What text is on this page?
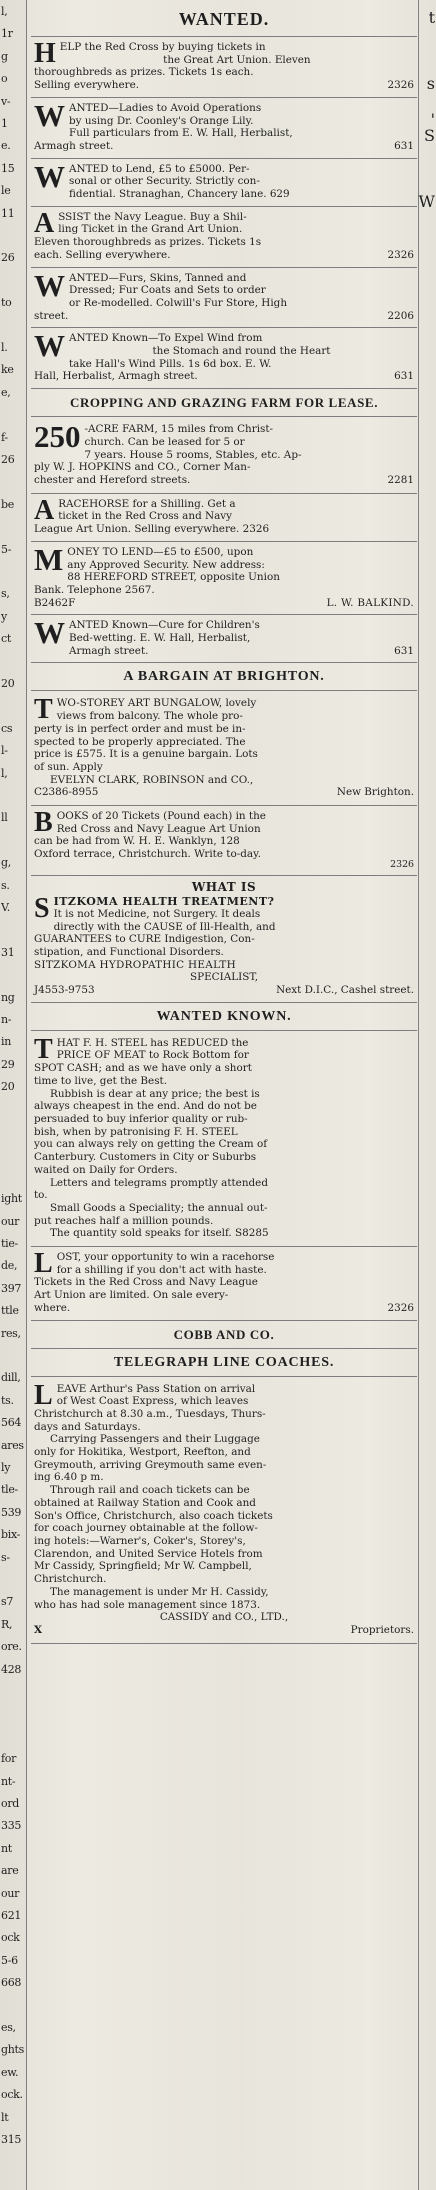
l,
1r
g
o
v-
1
e.
15
le
11
26
to
l.
ke
e,
f-
26
be
5-
s,
y
ct
20
cs
l-
l,
ll
g,
s.
V.
31
ng
n-
in
29
20
ight
our
tie-
de,
397
ttle
res,
dill,
ts.
564
ares
ly
tle-
539
bix-
s-
s7
R,
ore.
428
for
nt-
ord
335
nt
are
our
621
ock
5-6
668
es,
ghts
ew.
ock.
lt
315
WANTED.
H ELP the Red Cross by buying tickets in

the Great Art Union. Eleven

thoroughbreds as prizes. Tickets 1s each.

Selling everywhere.	2326
W ANTED—Ladies to Avoid Operations

by using Dr. Coonley's Orange Lily.

Full particulars from E. W. Hall, Herbalist,

Armagh street.	631
W ANTED to Lend, £5 to £5000. Per-

sonal or other Security. Strictly con-

fidential. Stranaghan, Chancery lane. 629

A SSIST the Navy League. Buy a Shil-

ling Ticket in the Grand Art Union.

Eleven thoroughbreds as prizes. Tickets 1s

each. Selling everywhere.	2326
W ANTED—Furs, Skins, Tanned and

Dressed; Fur Coats and Sets to order

or Re-modelled. Colwill's Fur Store, High

street.	2206
W ANTED Known—To Expel Wind from

the Stomach and round the Heart

take Hall's Wind Pills. 1s 6d box. E. W.

Hall, Herbalist, Armagh street.	631
CROPPING AND GRAZING FARM FOR LEASE.
250 -ACRE FARM, 15 miles from Christ-

church. Can be leased for 5 or

7 years. House 5 rooms, Stables, etc. Ap-

ply W. J. HOPKINS and CO., Corner Man-

chester and Hereford streets.	2281
A RACEHORSE for a Shilling. Get a

ticket in the Red Cross and Navy

League Art Union. Selling everywhere. 2326

M ONEY TO LEND—£5 to £500, upon

any Approved Security. New address:

88 HEREFORD STREET, opposite Union

Bank. Telephone 2567.

B2462F	L. W. BALKIND.
W ANTED Known—Cure for Children's

Bed-wetting. E. W. Hall, Herbalist,

Armagh street.	631
A BARGAIN AT BRIGHTON.
T WO-STOREY ART BUNGALOW, lovely

views from balcony. The whole pro-

perty is in perfect order and must be in-

spected to be properly appreciated. The

price is £575. It is a genuine bargain. Lots

of sun. Apply

EVELYN CLARK, ROBINSON and CO.,

C2386-8955	New Brighton.
B OOKS of 20 Tickets (Pound each) in the

Red Cross and Navy League Art Union

can be had from W. H. E. Wanklyn, 128

Oxford terrace, Christchurch. Write to-day.

2326
WHAT IS
S ITZKOMA HEALTH TREATMENT?

It is not Medicine, not Surgery. It deals

directly with the CAUSE of Ill-Health, and

GUARANTEES to CURE Indigestion, Con-

stipation, and Functional Disorders.

SITZKOMA HYDROPATHIC HEALTH

SPECIALIST,

J4553-9753	Next D.I.C., Cashel street.
WANTED KNOWN.
T HAT F. H. STEEL has REDUCED the

PRICE OF MEAT to Rock Bottom for

SPOT CASH; and as we have only a short

time to live, get the Best.

Rubbish is dear at any price; the best is

always cheapest in the end. And do not be

persuaded to buy inferior quality or rub-

bish, when by patronising F. H. STEEL

you can always rely on getting the Cream of

Canterbury. Customers in City or Suburbs

waited on Daily for Orders.

Letters and telegrams promptly attended

to.

Small Goods a Speciality; the annual out-

put reaches half a million pounds.

The quantity sold speaks for itself. S8285

L OST, your opportunity to win a racehorse

for a shilling if you don't act with haste.

Tickets in the Red Cross and Navy League

Art Union are limited. On sale every-

where.	2326
COBB AND CO.
TELEGRAPH LINE COACHES.
L EAVE Arthur's Pass Station on arrival

of West Coast Express, which leaves

Christchurch at 8.30 a.m., Tuesdays, Thurs-

days and Saturdays.

Carrying Passengers and their Luggage

only for Hokitika, Westport, Reefton, and

Greymouth, arriving Greymouth same even-

ing 6.40 p m.

Through rail and coach tickets can be

obtained at Railway Station and Cook and

Son's Office, Christchurch, also coach tickets

for coach journey obtainable at the follow-

ing hotels:—Warner's, Coker's, Storey's,

Clarendon, and United Service Hotels from

Mr Cassidy, Springfield; Mr W. Campbell,

Christchurch.

The management is under Mr H. Cassidy,

who has had sole management since 1873.

CASSIDY and CO., LTD.,

X	Proprietors.
t
s
'
S
W
